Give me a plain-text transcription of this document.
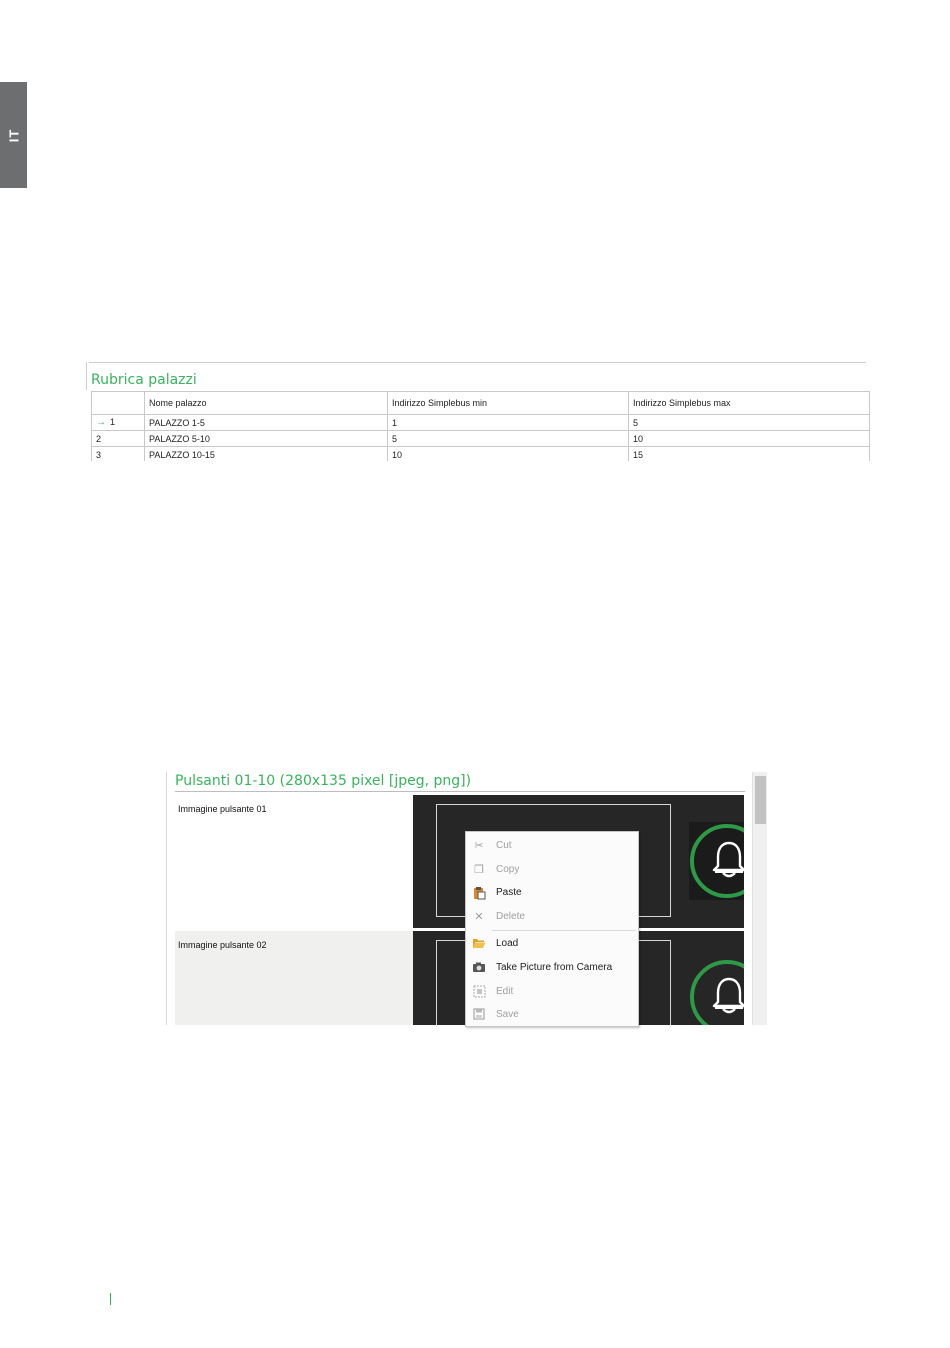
IT
Rubrica palazzi
	Nome palazzo	Indirizzo Simplebus min	Indirizzo Simplebus max
→ 1	PALAZZO 1-5	1	5
2	PALAZZO 5-10	5	10
3	PALAZZO 10-15	10	15
Pulsanti 01-10 (280x135 pixel [jpeg, png])
Immagine pulsante 01
Immagine pulsante 02
✂ Cut
❐ Copy
Paste
✕ Delete
Load
Take Picture from Camera
Edit
Save
